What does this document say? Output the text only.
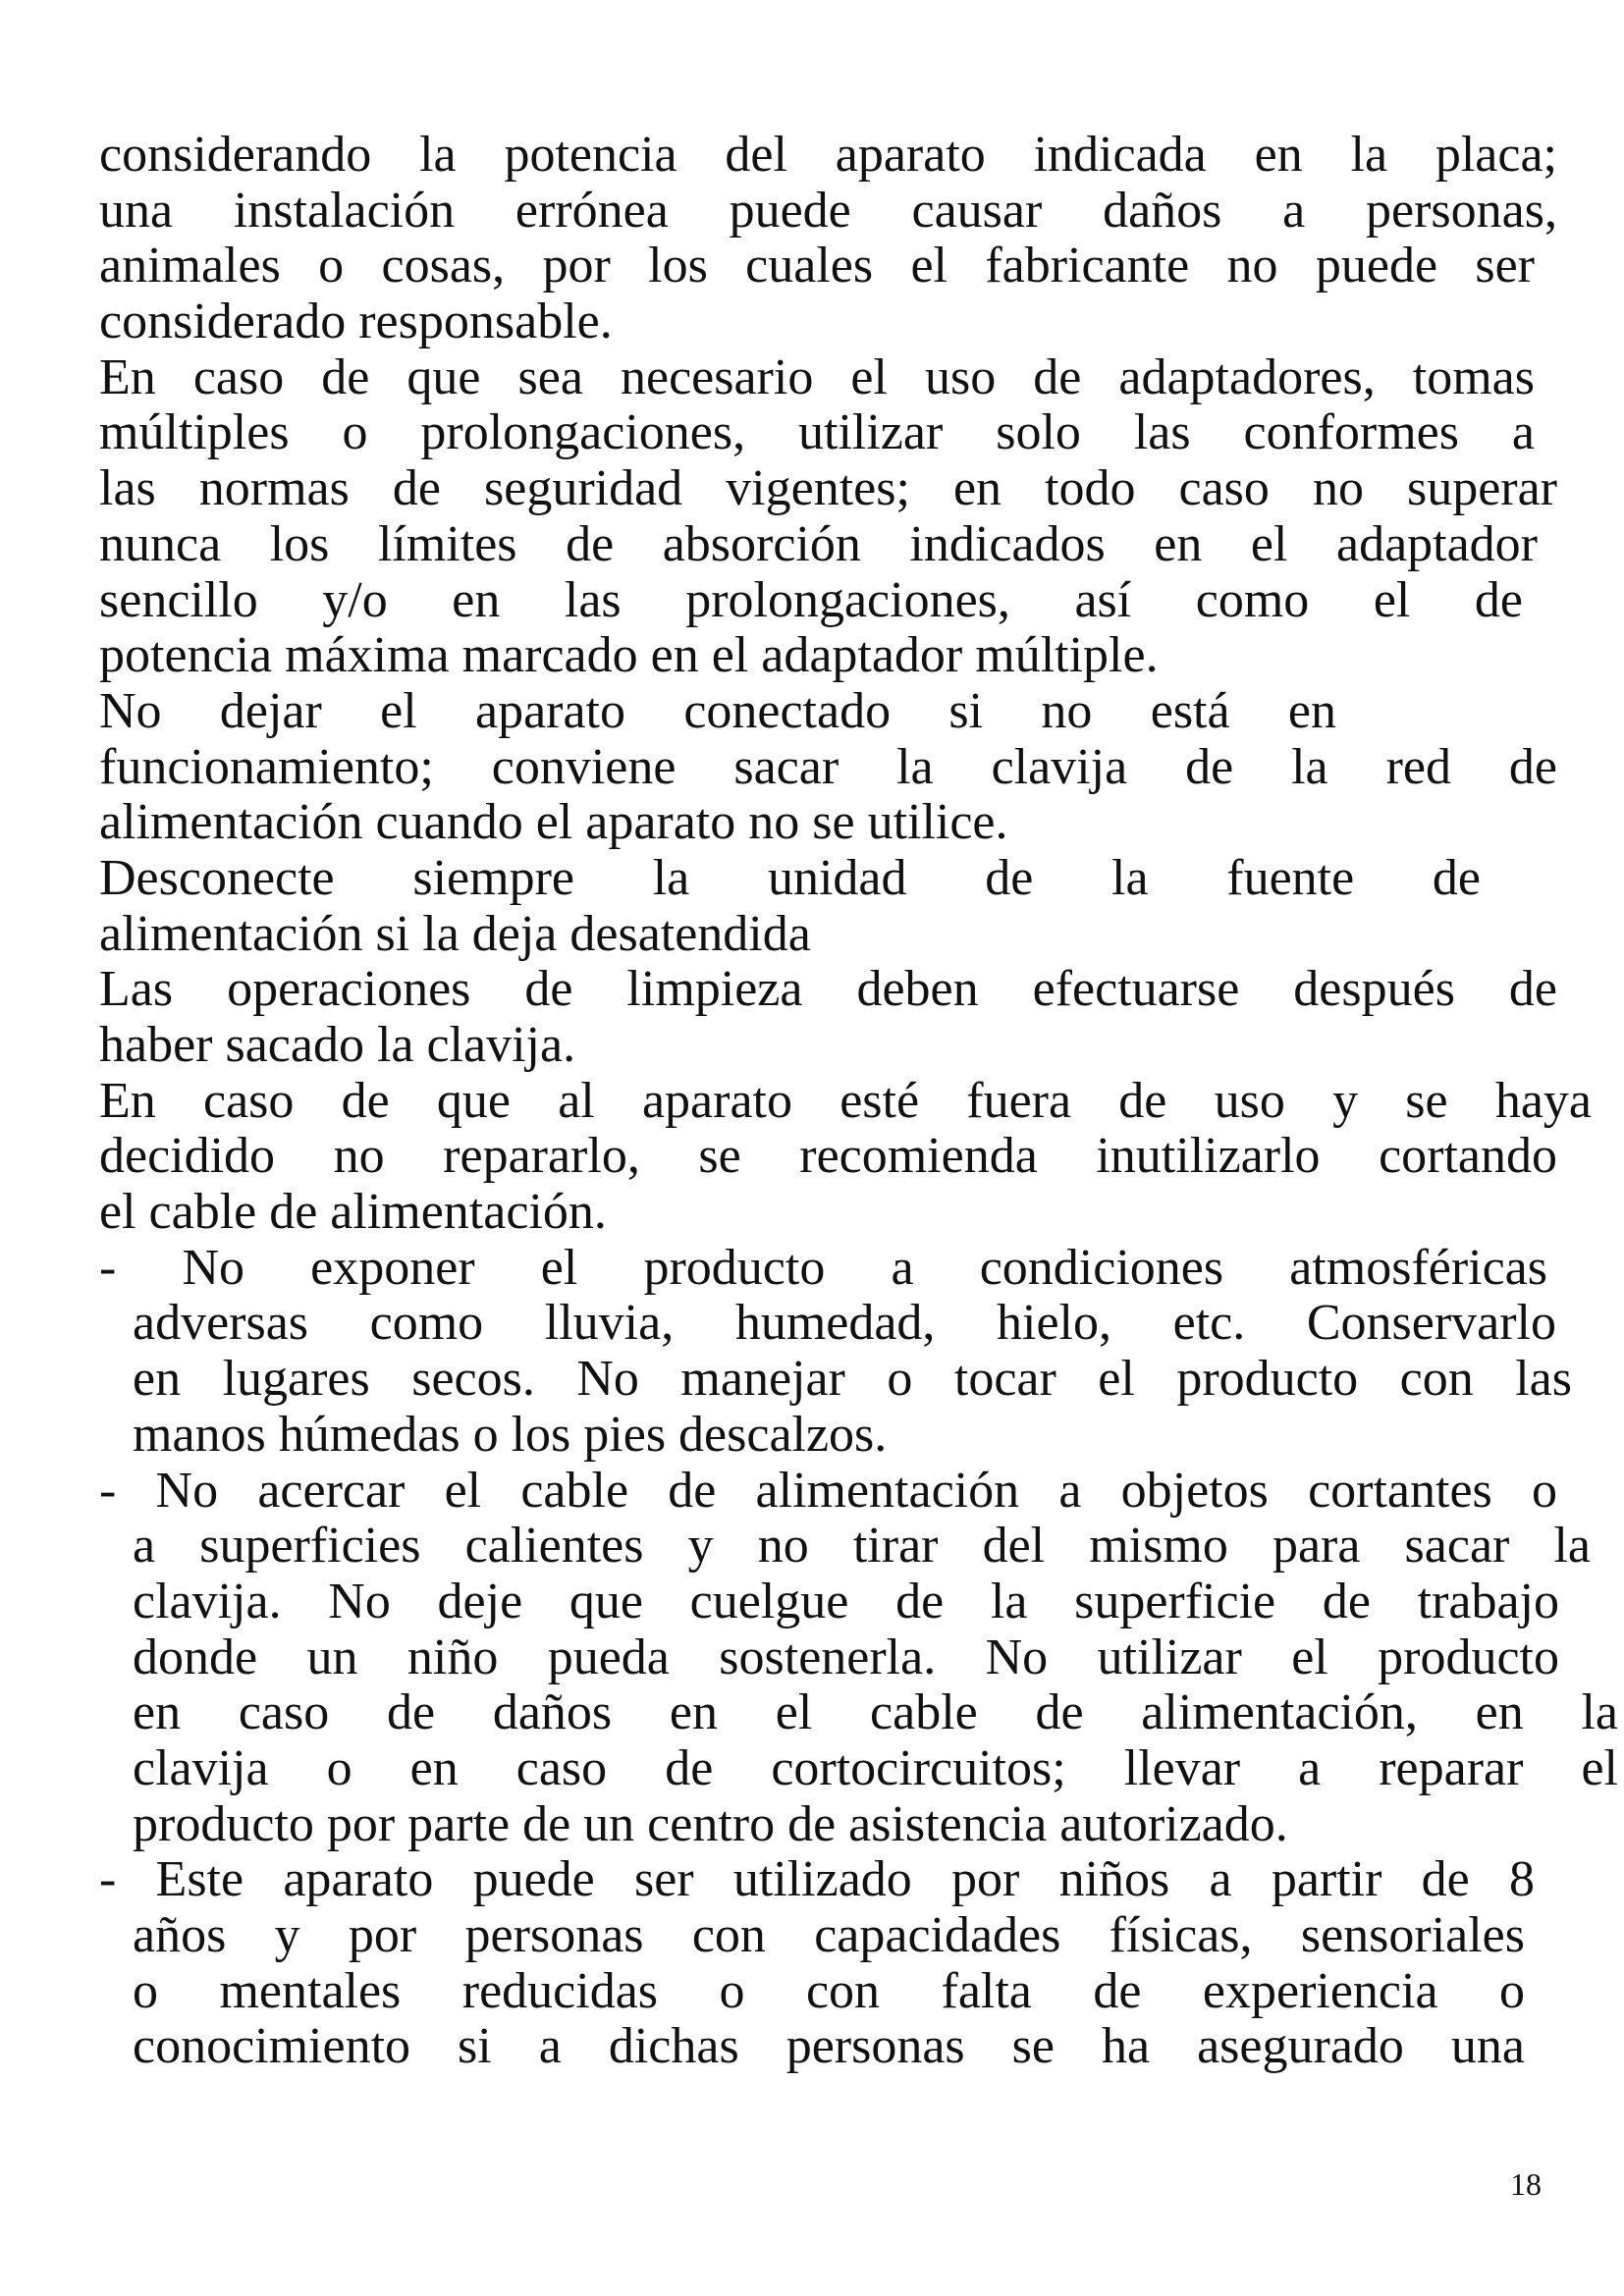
considerando la potencia del aparato indicada en la placa;
una instalación errónea puede causar daños a personas,
animales o cosas, por los cuales el fabricante no puede ser
considerado responsable.
En caso de que sea necesario el uso de adaptadores, tomas
múltiples o prolongaciones, utilizar solo las conformes a
las normas de seguridad vigentes; en todo caso no superar
nunca los límites de absorción indicados en el adaptador
sencillo y/o en las prolongaciones, así como el de
potencia máxima marcado en el adaptador múltiple.
No dejar el aparato conectado si no está en
funcionamiento; conviene sacar la clavija de la red de
alimentación cuando el aparato no se utilice.
Desconecte siempre la unidad de la fuente de
alimentación si la deja desatendida
Las operaciones de limpieza deben efectuarse después de
haber sacado la clavija.
En caso de que al aparato esté fuera de uso y se haya
decidido no repararlo, se recomienda inutilizarlo cortando
el cable de alimentación.
- No exponer el producto a condiciones atmosféricas
adversas como lluvia, humedad, hielo, etc. Conservarlo
en lugares secos. No manejar o tocar el producto con las
manos húmedas o los pies descalzos.
- No acercar el cable de alimentación a objetos cortantes o
a superficies calientes y no tirar del mismo para sacar la
clavija. No deje que cuelgue de la superficie de trabajo
donde un niño pueda sostenerla. No utilizar el producto
en caso de daños en el cable de alimentación, en la
clavija o en caso de cortocircuitos; llevar a reparar el
producto por parte de un centro de asistencia autorizado.
- Este aparato puede ser utilizado por niños a partir de 8
años y por personas con capacidades físicas, sensoriales
o mentales reducidas o con falta de experiencia o
conocimiento si a dichas personas se ha asegurado una
18
